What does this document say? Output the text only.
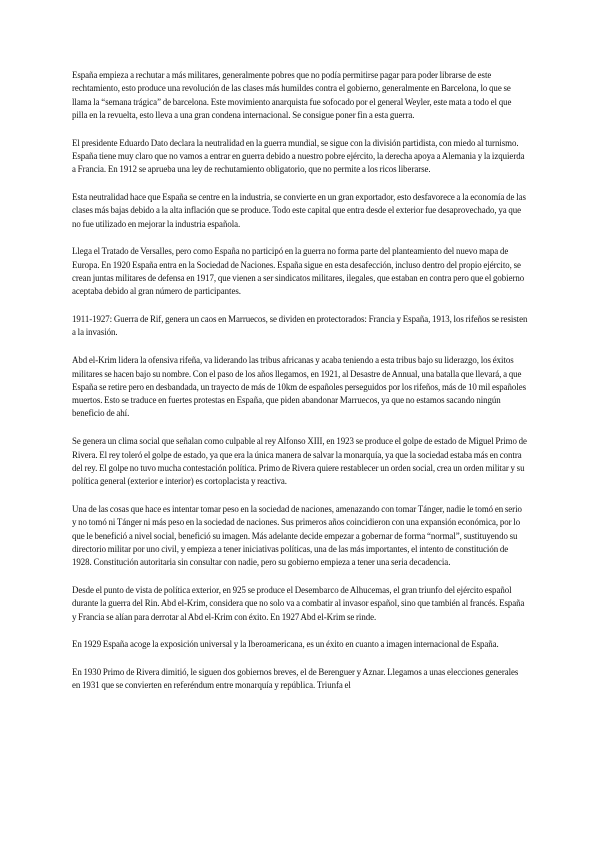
España empieza a rechutar a más militares, generalmente pobres que no podía permitirse pagar para poder librarse de este rechtamiento, esto produce una revolución de las clases más humildes contra el gobierno, generalmente en Barcelona, lo que se llama la “semana trágica” de barcelona. Este movimiento anarquista fue sofocado por el general Weyler, este mata a todo el que pilla en la revuelta, esto lleva a una gran condena internacional. Se consigue poner fin a esta guerra.

El presidente Eduardo Dato declara la neutralidad en la guerra mundial, se sigue con la división partidista, con miedo al turnismo. España tiene muy claro que no vamos a entrar en guerra debido a nuestro pobre ejército, la derecha apoya a Alemania y la izquierda a Francia. En 1912 se aprueba una ley de rechutamiento obligatorio, que no permite a los ricos liberarse.

Esta neutralidad hace que España se centre en la industria, se convierte en un gran exportador, esto desfavorece a la economía de las clases más bajas debido a la alta inflación que se produce. Todo este capital que entra desde el exterior fue desaprovechado, ya que no fue utilizado en mejorar la industria española.

Llega el Tratado de Versalles, pero como España no participó en la guerra no forma parte del planteamiento del nuevo mapa de Europa. En 1920 España entra en la Sociedad de Naciones. España sigue en esta desafección, incluso dentro del propio ejército, se crean juntas militares de defensa en 1917, que vienen a ser sindicatos militares, ilegales, que estaban en contra pero que el gobierno aceptaba debido al gran número de participantes.

1911-1927: Guerra de Rif, genera un caos en Marruecos, se dividen en protectorados: Francia y España, 1913, los rifeños se resisten a la invasión.

Abd el-Krim lidera la ofensiva rifeña, va liderando las tribus africanas y acaba teniendo a esta tribus bajo su liderazgo, los éxitos militares se hacen bajo su nombre. Con el paso de los años llegamos, en 1921, al Desastre de Annual, una batalla que llevará, a que España se retire pero en desbandada, un trayecto de más de 10km de españoles perseguidos por los rifeños, más de 10 mil españoles muertos. Esto se traduce en fuertes protestas en España, que piden abandonar Marruecos, ya que no estamos sacando ningún beneficio de ahí.

Se genera un clima social que señalan como culpable al rey Alfonso XIII, en 1923 se produce el golpe de estado de Miguel Primo de Rivera. El rey toleró el golpe de estado, ya que era la única manera de salvar la monarquía, ya que la sociedad estaba más en contra del rey. El golpe no tuvo mucha contestación política. Primo de Rivera quiere restablecer un orden social, crea un orden militar y su política general (exterior e interior) es cortoplacista y reactiva.

Una de las cosas que hace es intentar tomar peso en la sociedad de naciones, amenazando con tomar Tánger, nadie le tomó en serio y no tomó ni Tánger ni más peso en la sociedad de naciones. Sus primeros años coincidieron con una expansión económica, por lo que le benefició a nivel social, benefició su imagen. Más adelante decide empezar a gobernar de forma “normal”, sustituyendo su directorio militar por uno civil, y empieza a tener iniciativas políticas, una de las más importantes, el intento de constitución de 1928. Constitución autoritaria sin consultar con nadie, pero su gobierno empieza a tener una seria decadencia.

Desde el punto de vista de política exterior, en 925 se produce el Desembarco de Alhucemas, el gran triunfo del ejército español durante la guerra del Rin. Abd el-Krim, considera que no solo va a combatir al invasor español, sino que también al francés. España y Francia se alían para derrotar al Abd el-Krim con éxito. En 1927 Abd el-Krim se rinde.

En 1929 España acoge la exposición universal y la Iberoamericana, es un éxito en cuanto a imagen internacional de España.

En 1930 Primo de Rivera dimitió, le siguen dos gobiernos breves, el de Berenguer y Aznar. Llegamos a unas elecciones generales en 1931 que se convierten en referéndum entre monarquía y república. Triunfa el
